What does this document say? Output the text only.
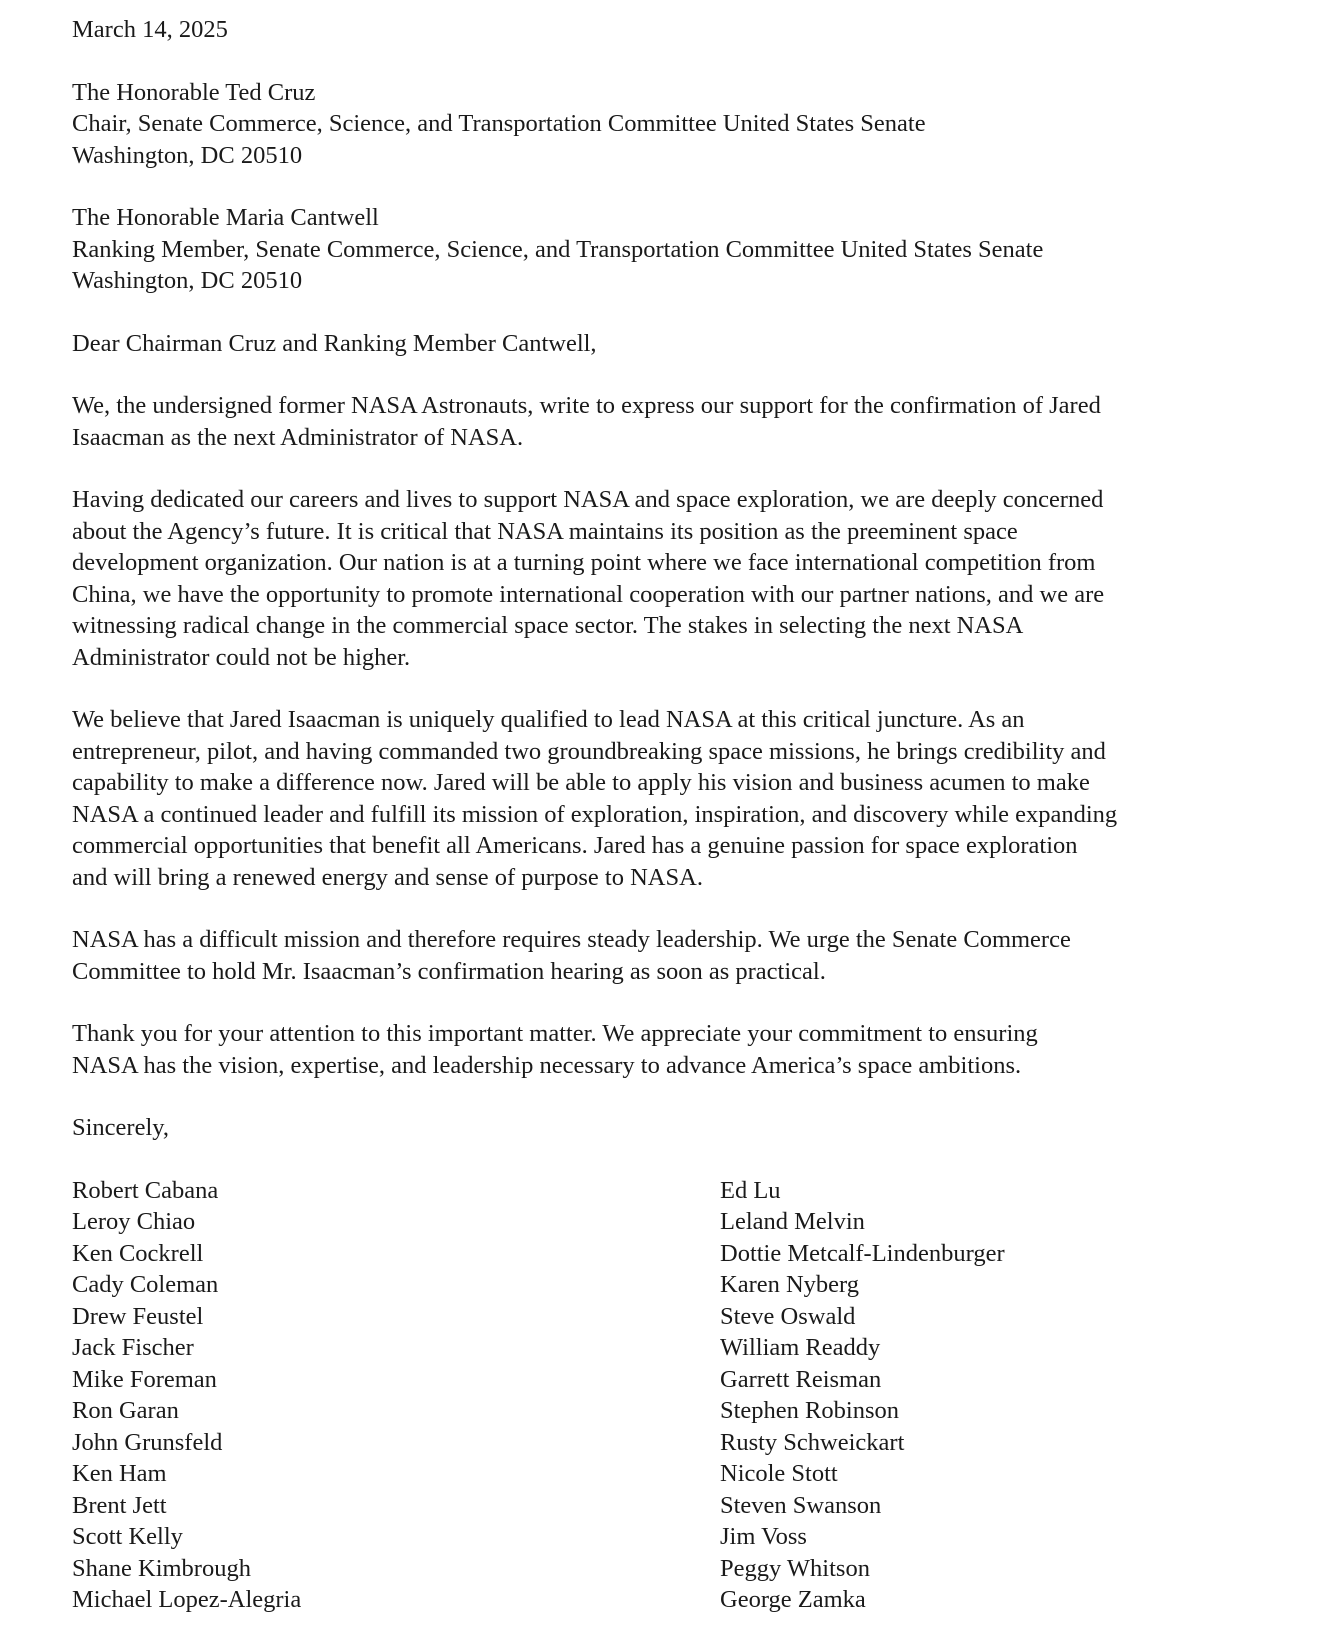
March 14, 2025
The Honorable Ted Cruz
Chair, Senate Commerce, Science, and Transportation Committee United States Senate
Washington, DC 20510
The Honorable Maria Cantwell
Ranking Member, Senate Commerce, Science, and Transportation Committee United States Senate
Washington, DC 20510
Dear Chairman Cruz and Ranking Member Cantwell,
We, the undersigned former NASA Astronauts, write to express our support for the confirmation of Jared
Isaacman as the next Administrator of NASA.
Having dedicated our careers and lives to support NASA and space exploration, we are deeply concerned
about the Agency’s future. It is critical that NASA maintains its position as the preeminent space
development organization. Our nation is at a turning point where we face international competition from
China, we have the opportunity to promote international cooperation with our partner nations, and we are
witnessing radical change in the commercial space sector. The stakes in selecting the next NASA
Administrator could not be higher.
We believe that Jared Isaacman is uniquely qualified to lead NASA at this critical juncture. As an
entrepreneur, pilot, and having commanded two groundbreaking space missions, he brings credibility and
capability to make a difference now. Jared will be able to apply his vision and business acumen to make
NASA a continued leader and fulfill its mission of exploration, inspiration, and discovery while expanding
commercial opportunities that benefit all Americans. Jared has a genuine passion for space exploration
and will bring a renewed energy and sense of purpose to NASA.
NASA has a difficult mission and therefore requires steady leadership. We urge the Senate Commerce
Committee to hold Mr. Isaacman’s confirmation hearing as soon as practical.
Thank you for your attention to this important matter. We appreciate your commitment to ensuring
NASA has the vision, expertise, and leadership necessary to advance America’s space ambitions.
Sincerely,
Robert Cabana
Leroy Chiao
Ken Cockrell
Cady Coleman
Drew Feustel
Jack Fischer
Mike Foreman
Ron Garan
John Grunsfeld
Ken Ham
Brent Jett
Scott Kelly
Shane Kimbrough
Michael Lopez-Alegria
Ed Lu
Leland Melvin
Dottie Metcalf-Lindenburger
Karen Nyberg
Steve Oswald
William Readdy
Garrett Reisman
Stephen Robinson
Rusty Schweickart
Nicole Stott
Steven Swanson
Jim Voss
Peggy Whitson
George Zamka
